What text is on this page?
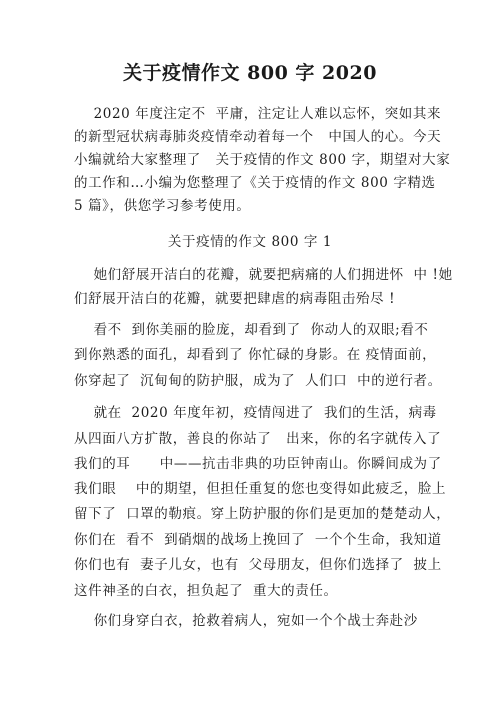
关于疫情作文 800 字 2020
2020 年度注定不  平庸，注定让人难以忘怀，突如其来
的新型冠状病毒肺炎疫情牵动着每一个   中国人的心。今天
小编就给大家整理了   关于疫情的作文 800 字，期望对大家
的工作和…小编为您整理了《关于疫情的作文 800 字精选
5 篇》，供您学习参考使用。
关于疫情的作文 800 字 1
她们舒展开洁白的花瓣，就要把病痛的人们拥进怀  中 !她
们舒展开洁白的花瓣，就要把肆虐的病毒阻击殆尽 !
看不  到你美丽的脸庞，却看到了  你动人的双眼;看不
到你熟悉的面孔，却看到了 你忙碌的身影。在 疫情面前，
你穿起了  沉甸甸的防护服，成为了  人们口  中的逆行者。
就在  2020 年度年初，疫情闯进了  我们的生活，病毒
从四面八方扩散，善良的你站了   出来，你的名字就传入了
我们的耳      中——抗击非典的功臣钟南山。你瞬间成为了
我们眼    中的期望，但担任重复的您也变得如此疲乏，脸上
留下了  口罩的勒痕。穿上防护服的你们是更加的楚楚动人，
你们在  看不  到硝烟的战场上挽回了  一个个生命，我知道
你们也有  妻子儿女，也有  父母朋友，但你们选择了  披上
这件神圣的白衣，担负起了  重大的责任。
你们身穿白衣，抢救着病人，宛如一个个战士奔赴沙
